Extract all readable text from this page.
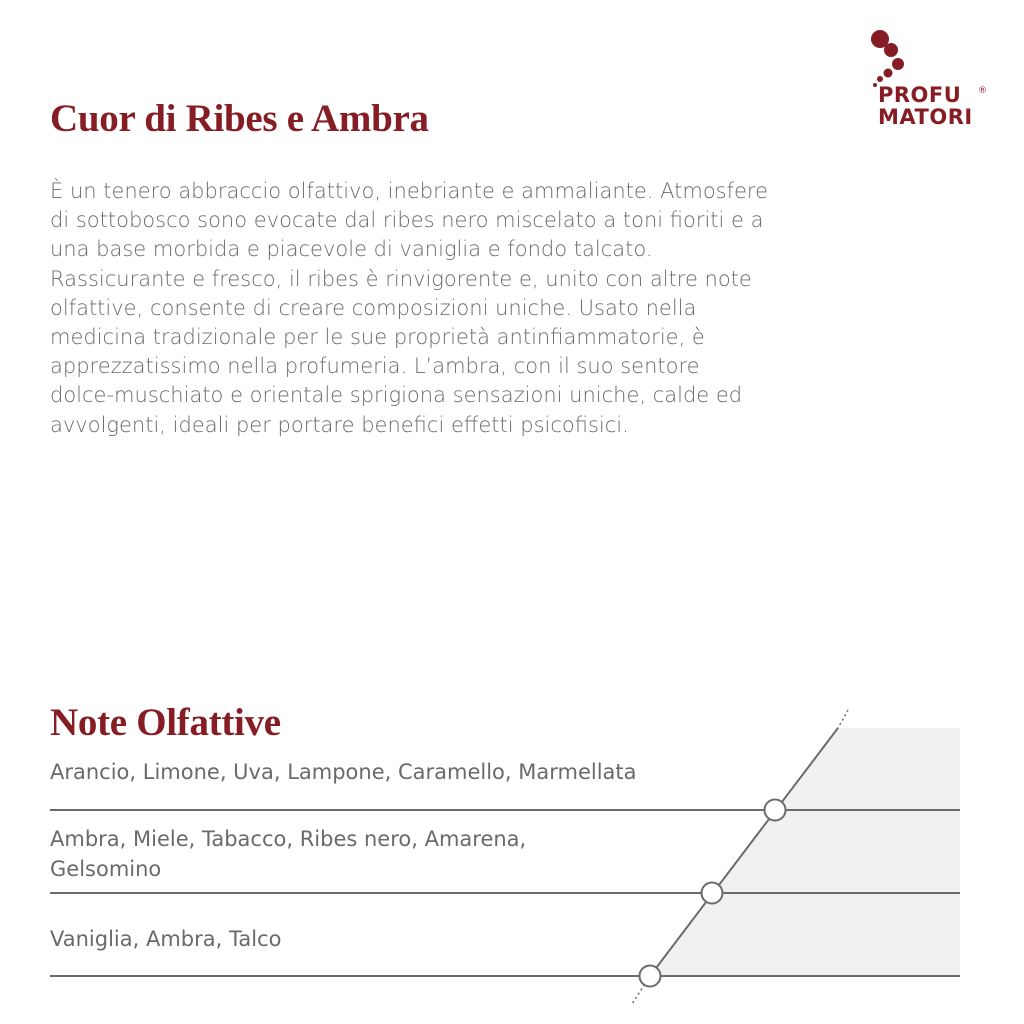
PROFU
MATORI
®
Cuor di Ribes e Ambra

È un tenero abbraccio olfattivo, inebriante e ammaliante. Atmosfere di sottobosco sono evocate dal ribes nero miscelato a toni fioriti e a una base morbida e piacevole di vaniglia e fondo talcato. Rassicurante e fresco, il ribes è rinvigorente e, unito con altre note olfattive, consente di creare composizioni uniche. Usato nella medicina tradizionale per le sue proprietà antinfiammatorie, è apprezzatissimo nella profumeria. L’ambra, con il suo sentore dolce-muschiato e orientale sprigiona sensazioni uniche, calde ed avvolgenti, ideali per portare benefici effetti psicofisici.

Note Olfattive

Arancio, Limone, Uva, Lampone, Caramello, Marmellata

Ambra, Miele, Tabacco, Ribes nero, Amarena, Gelsomino

Vaniglia, Ambra, Talco
